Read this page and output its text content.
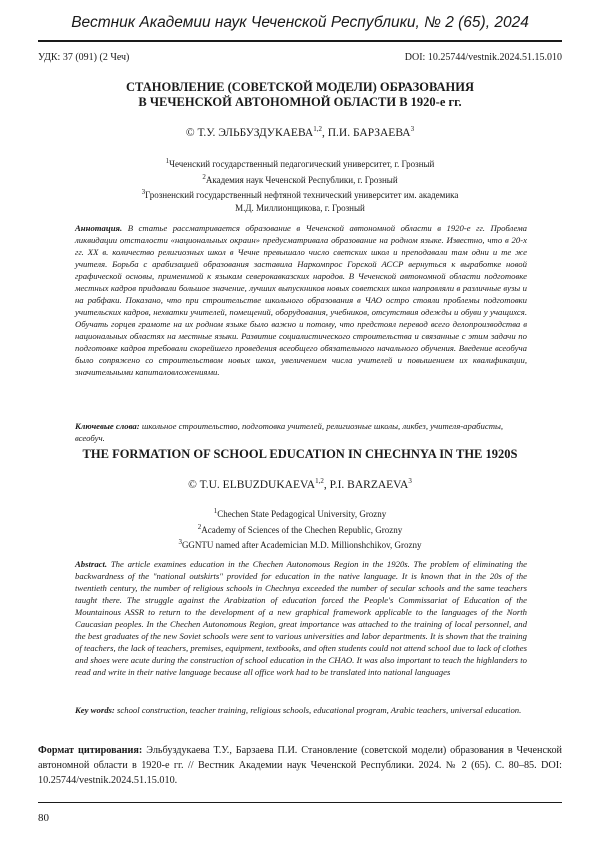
Вестник Академии наук Чеченской Республики, № 2 (65), 2024
УДК: 37 (091) (2 Чеч)	DOI: 10.25744/vestnik.2024.51.15.010
СТАНОВЛЕНИЕ (СОВЕТСКОЙ МОДЕЛИ) ОБРАЗОВАНИЯ
В ЧЕЧЕНСКОЙ АВТОНОМНОЙ ОБЛАСТИ В 1920-е гг.
© Т.У. ЭЛЬБУЗДУКАЕВА$^{1,2}$, П.И. БАРЗАЕВА$^3$
$^1$Чеченский государственный педагогический университет, г. Грозный
$^2$Академия наук Чеченской Республики, г. Грозный
$^3$Грозненский государственный нефтяной технический университет им. академика
М.Д. Миллионщикова, г. Грозный
Аннотация. В статье рассматривается образование в Чеченской автономной области в 1920-е гг. Проблема ликвидации отсталости «национальных окраин» предусматривала образование на родном языке. Известно, что в 20-х гг. XX в. количество религиозных школ в Чечне превышало число светских школ и преподавали там одни и те же учителя. Борьба с арабизацией образования заставила Наркомпрос Горской АССР вернуться к выработке новой графической основы, применимой к языкам северокавказских народов. В Чеченской автономной области подготовке местных кадров придавали большое значение, лучших выпускников новых советских школ направляли в различные вузы и на рабфаки. Показано, что при строительстве школьного образования в ЧАО остро стояли проблемы подготовки учительских кадров, нехватки учителей, помещений, оборудования, учебников, отсутствия одежды и обуви у учащихся. Обучать горцев грамоте на их родном языке было важно и потому, что предстоял перевод всего делопроизводства в национальных областях на местные языки. Развитие социалистического строительства и связанные с этим задачи по подготовке кадров требовали скорейшего проведения всеобщего обязательного начального обучения. Введение всеобуча было сопряжено со строительством новых школ, увеличением числа учителей и повышением их квалификации, значительными капиталовложениями.
Ключевые слова: школьное строительство, подготовка учителей, религиозные школы, ликбез, учителя-арабисты, всеобуч.
THE FORMATION OF SCHOOL EDUCATION IN CHECHNYA IN THE 1920S
© T.U. ELBUZDUKAEVA$^{1,2}$, P.I. BARZAEVA$^3$
$^1$Chechen State Pedagogical University, Grozny
$^2$Academy of Sciences of the Chechen Republic, Grozny
$^3$GGNTU named after Academician M.D. Millionshchikov, Grozny
Abstract. The article examines education in the Chechen Autonomous Region in the 1920s. The problem of eliminating the backwardness of the "national outskirts" provided for education in the native language. It is known that in the 20s of the twentieth century, the number of religious schools in Chechnya exceeded the number of secular schools and the same teachers taught there. The struggle against the Arabization of education forced the People's Commissariat of Education of the Mountainous ASSR to return to the development of a new graphical framework applicable to the languages of the North Caucasian peoples. In the Chechen Autonomous Region, great importance was attached to the training of local personnel, and the best graduates of the new Soviet schools were sent to various universities and labor departments. It is shown that the training of teachers, the lack of teachers, premises, equipment, textbooks, and often students could not attend school due to lack of clothes and shoes were acute during the construction of school education in the CHAO. It was also important to teach the highlanders to read and write in their native language because all office work had to be translated into national languages
Key words: school construction, teacher training, religious schools, educational program, Arabic teachers, universal education.
Формат цитирования: Эльбуздукаева Т.У., Барзаева П.И. Становление (советской модели) образования в Чеченской автономной области в 1920-е гг. // Вестник Академии наук Чеченской Республики. 2024. № 2 (65). С. 80–85. DOI: 10.25744/vestnik.2024.51.15.010.
80
